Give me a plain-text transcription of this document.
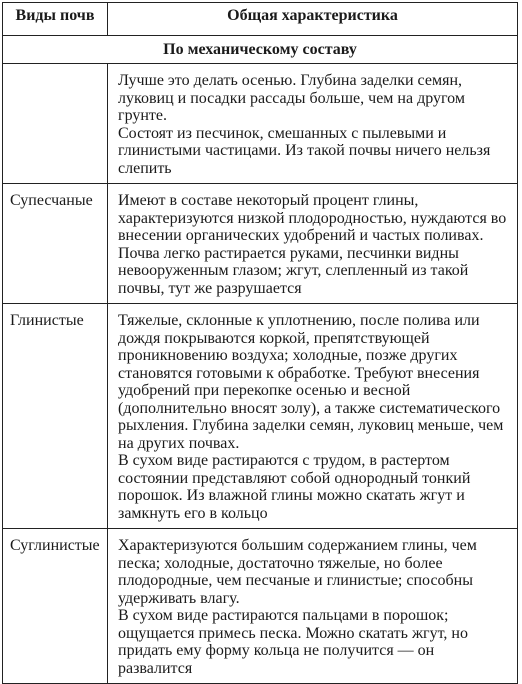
Виды почв	Общая характеристика
По механическому составу	

	Лучше это делать осенью. Глубина заделки семян, луковиц и посадки рассады больше, чем на другом грунте.
Состоят из песчинок, смешанных с пылевыми и глинистыми частицами. Из такой почвы ничего нельзя слепить

Супесчаные	Имеют в составе некоторый процент глины, характеризуются низкой плодородностью, нуждаются во внесении органических удобрений и частых поливах. Почва легко растирается руками, песчинки видны невооруженным глазом; жгут, слепленный из такой почвы, тут же разрушается

Глинистые	Тяжелые, склонные к уплотнению, после полива или дождя покрываются коркой, препятствующей проникновению воздуха; холодные, позже других становятся готовыми к обработке. Требуют внесения удобрений при перекопке осенью и весной (дополнительно вносят золу), а также систематического рыхления. Глубина заделки семян, луковиц меньше, чем на других почвах.
В сухом виде растираются с трудом, в растертом состоянии представляют собой однородный тонкий порошок. Из влажной глины можно скатать жгут и замкнуть его в кольцо

Суглинистые	Характеризуются большим содержанием глины, чем песка; холодные, достаточно тяжелые, но более плодородные, чем песчаные и глинистые; способны удерживать влагу.
В сухом виде растираются пальцами в порошок; ощущается примесь песка. Можно скатать жгут, но придать ему форму кольца не получится — он развалится
